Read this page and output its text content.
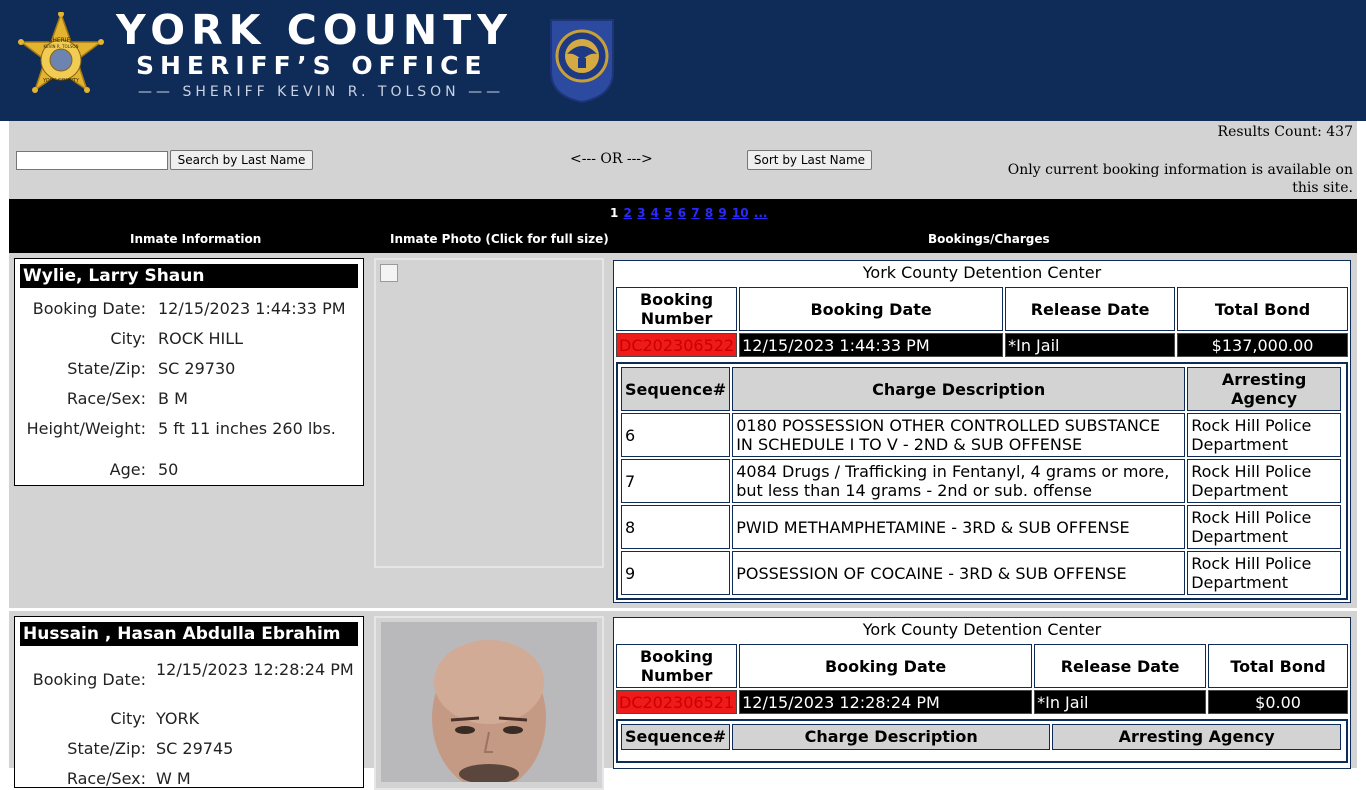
SHERIFF
KEVIN R. TOLSON
YORK COUNTY
S.C.
YORK COUNTY
SHERIFF’S OFFICE
—— SHERIFF KEVIN R. TOLSON ——
Search by Last Name	<--- OR --->	Sort by Last Name
Results Count: 437
Only current booking information is available on this site.
1 2 3 4 5 6 7 8 9 10 ...
Inmate Information	Inmate Photo (Click for full size)	Bookings/Charges
Wylie, Larry Shaun
Booking Date: 12/15/2023 1:44:33 PM
City: ROCK HILL
State/Zip: SC 29730
Race/Sex: B M
Height/Weight: 5 ft 11 inches 260 lbs.
Age: 50
York County Detention Center
Booking Number	Booking Date	Release Date	Total Bond
DC202306522	12/15/2023 1:44:33 PM	*In Jail	$137,000.00
Sequence#	Charge Description	Arresting Agency
6	0180 POSSESSION OTHER CONTROLLED SUBSTANCE IN SCHEDULE I TO V - 2ND & SUB OFFENSE	Rock Hill Police Department
7	4084 Drugs / Trafficking in Fentanyl, 4 grams or more, but less than 14 grams - 2nd or sub. offense	Rock Hill Police Department
8	PWID METHAMPHETAMINE - 3RD & SUB OFFENSE	Rock Hill Police Department
9	POSSESSION OF COCAINE - 3RD & SUB OFFENSE	Rock Hill Police Department
Hussain , Hasan Abdulla Ebrahim
Booking Date:
12/15/2023 12:28:24 PM
City: YORK
State/Zip: SC 29745
Race/Sex: W M
York County Detention Center
Booking Number	Booking Date	Release Date	Total Bond
DC202306521	12/15/2023 12:28:24 PM	*In Jail	$0.00
Sequence#	Charge Description	Arresting Agency
